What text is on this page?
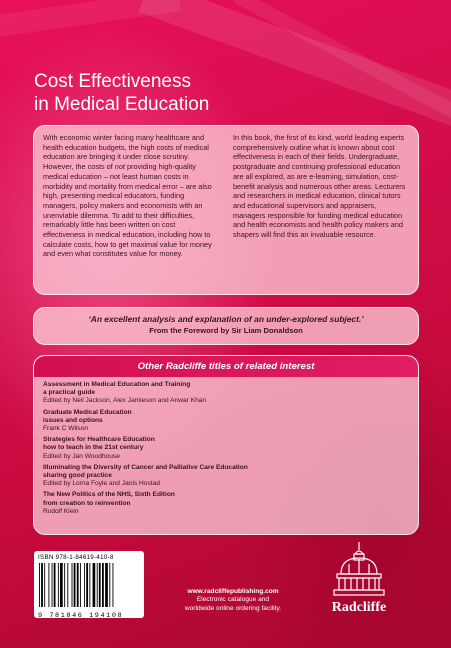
Cost Effectiveness
in Medical Education

With economic winter facing many healthcare and health education budgets, the high costs of medical education are bringing it under close scrutiny. However, the costs of not providing high-quality medical education – not least human costs in morbidity and mortality from medical error – are also high, presenting medical educators, funding managers, policy makers and economists with an unenviable dilemma. To add to their difficulties, remarkably little has been written on cost effectiveness in medical education, including how to calculate costs, how to get maximal value for money and even what constitutes value for money.

In this book, the first of its kind, world leading experts comprehensively outline what is known about cost effectiveness in each of their fields. Undergraduate, postgraduate and continuing professional education are all explored, as are e-learning, simulation, cost-benefit analysis and numerous other areas. Lecturers and researchers in medical education, clinical tutors and educational supervisors and appraisers, managers responsible for funding medical education and health economists and health policy makers and shapers will find this an invaluable resource.

‘An excellent analysis and explanation of an under-explored subject.’
From the Foreword by Sir Liam Donaldson
Other Radcliffe titles of related interest
Assessment in Medical Education and Training
a practical guide
Edited by Neil Jackson, Alex Jamieson and Anwar Khan
Graduate Medical Education
issues and options
Frank C Wilson
Strategies for Healthcare Education
how to teach in the 21st century
Edited by Jan Woodhouse
Illuminating the Diversity of Cancer and Palliative Care Education
sharing good practice
Edited by Lorna Foyle and Janis Hostad
The New Politics of the NHS, Sixth Edition
from creation to reinvention
Rudolf Klein
ISBN 978-1-84619-410-8
9 781846 194108
www.radcliffepublishing.com
Electronic catalogue and
worldwide online ordering facility.	Radcliffe
